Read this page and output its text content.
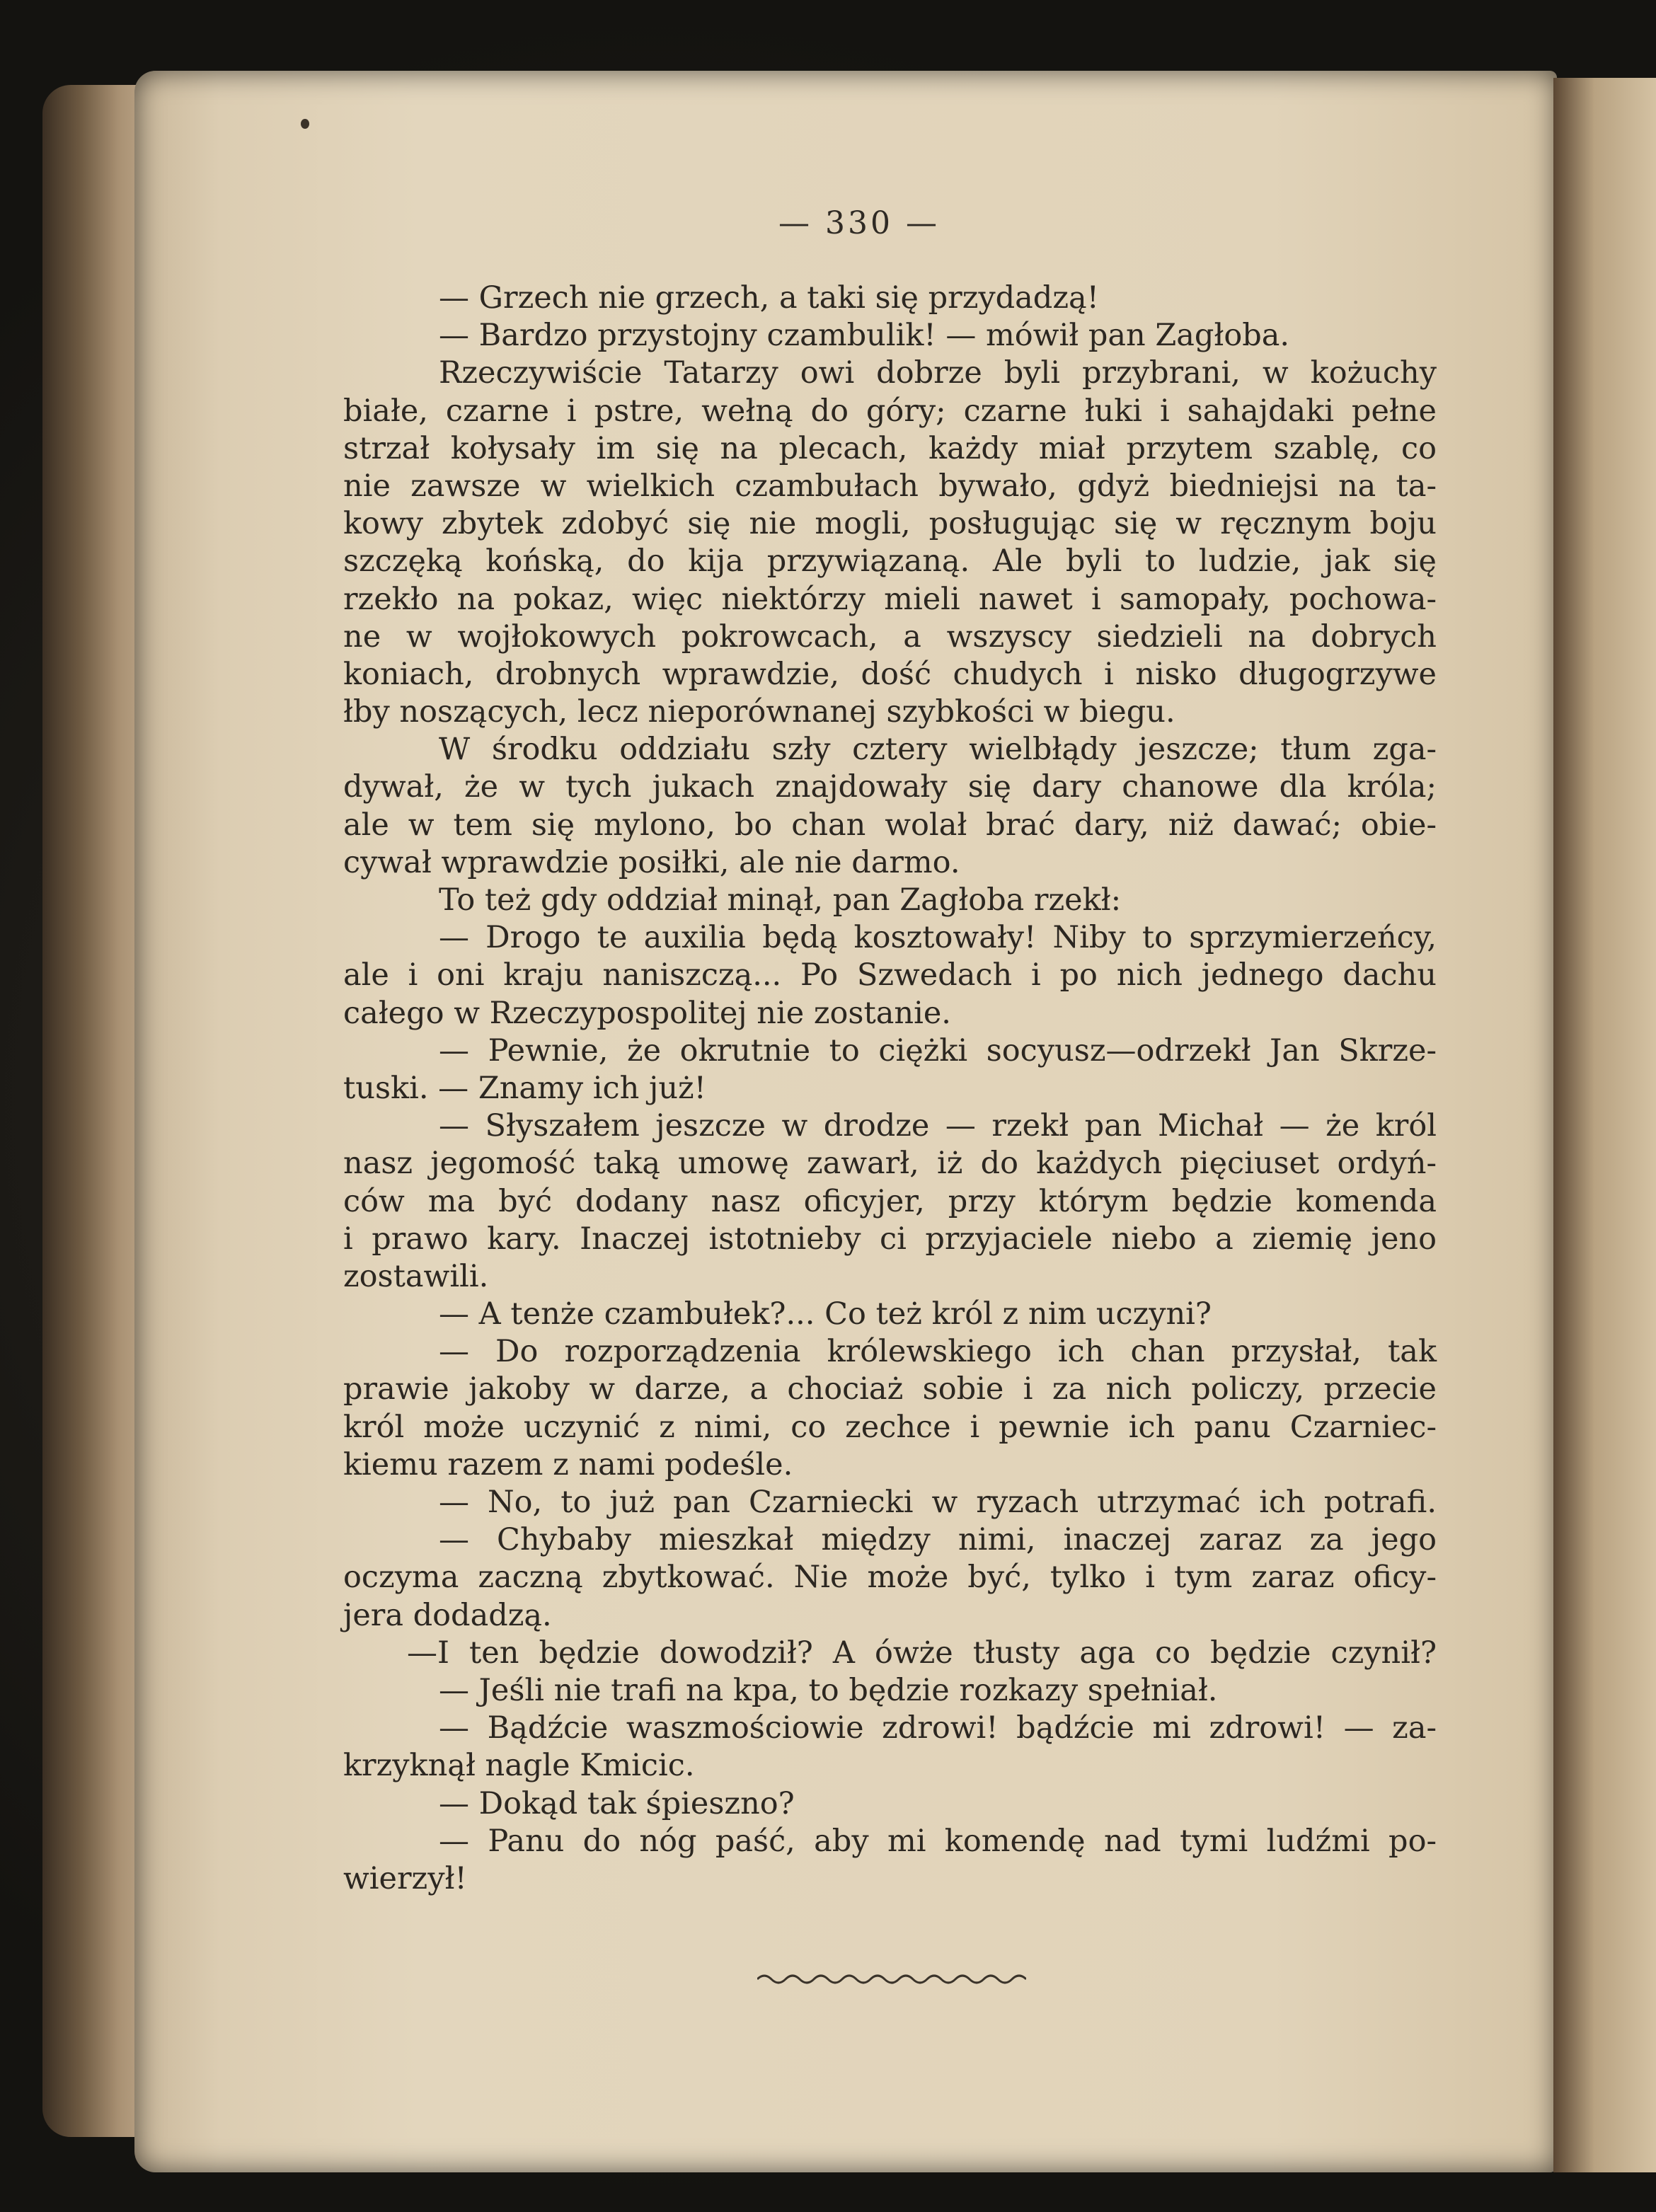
— 330 —
— Grzech nie grzech, a taki się przydadzą!
— Bardzo przystojny czambulik! — mówił pan Zagłoba.
Rzeczywiście Tatarzy owi dobrze byli przybrani, w kożuchy
białe, czarne i pstre, wełną do góry; czarne łuki i sahajdaki pełne
strzał kołysały im się na plecach, każdy miał przytem szablę, co
nie zawsze w wielkich czambułach bywało, gdyż biedniejsi na ta-
kowy zbytek zdobyć się nie mogli, posługując się w ręcznym boju
szczęką końską, do kija przywiązaną. Ale byli to ludzie, jak się
rzekło na pokaz, więc niektórzy mieli nawet i samopały, pochowa-
ne w wojłokowych pokrowcach, a wszyscy siedzieli na dobrych
koniach, drobnych wprawdzie, dość chudych i nisko długogrzywe
łby noszących, lecz nieporównanej szybkości w biegu.
W środku oddziału szły cztery wielbłądy jeszcze; tłum zga-
dywał, że w tych jukach znajdowały się dary chanowe dla króla;
ale w tem się mylono, bo chan wolał brać dary, niż dawać; obie-
cywał wprawdzie posiłki, ale nie darmo.
To też gdy oddział minął, pan Zagłoba rzekł:
— Drogo te auxilia będą kosztowały! Niby to sprzymierzeńcy,
ale i oni kraju naniszczą... Po Szwedach i po nich jednego dachu
całego w Rzeczypospolitej nie zostanie.
— Pewnie, że okrutnie to ciężki socyusz—odrzekł Jan Skrze-
tuski. — Znamy ich już!
— Słyszałem jeszcze w drodze — rzekł pan Michał — że król
nasz jegomość taką umowę zawarł, iż do każdych pięciuset ordyń-
ców ma być dodany nasz oficyjer, przy którym będzie komenda
i prawo kary. Inaczej istotnieby ci przyjaciele niebo a ziemię jeno
zostawili.
— A tenże czambułek?... Co też król z nim uczyni?
— Do rozporządzenia królewskiego ich chan przysłał, tak
prawie jakoby w darze, a chociaż sobie i za nich policzy, przecie
król może uczynić z nimi, co zechce i pewnie ich panu Czarniec-
kiemu razem z nami podeśle.
— No, to już pan Czarniecki w ryzach utrzymać ich potrafi.
— Chybaby mieszkał między nimi, inaczej zaraz za jego
oczyma zaczną zbytkować. Nie może być, tylko i tym zaraz oficy-
jera dodadzą.
—I ten będzie dowodził? A ówże tłusty aga co będzie czynił?
— Jeśli nie trafi na kpa, to będzie rozkazy spełniał.
— Bądźcie waszmościowie zdrowi! bądźcie mi zdrowi! — za-
krzyknął nagle Kmicic.
— Dokąd tak śpieszno?
— Panu do nóg paść, aby mi komendę nad tymi ludźmi po-
wierzył!
